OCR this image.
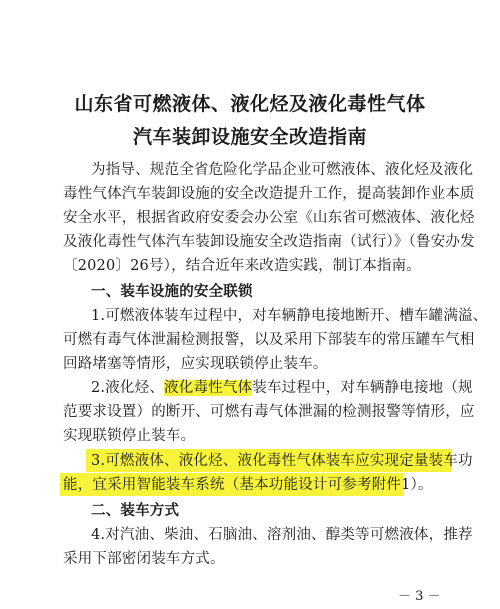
山东省可燃液体、液化烃及液化毒性气体
汽车装卸设施安全改造指南
为指导、规范全省危险化学品企业可燃液体、液化烃及液化
毒性气体汽车装卸设施的安全改造提升工作，提高装卸作业本质
安全水平，根据省政府安委会办公室《山东省可燃液体、液化烃
及液化毒性气体汽车装卸设施安全改造指南（试行）》（鲁安办发
〔2020〕26号），结合近年来改造实践，制订本指南。
一、装车设施的安全联锁
1.可燃液体装车过程中，对车辆静电接地断开、槽车罐满溢、
可燃有毒气体泄漏检测报警，以及采用下部装车的常压罐车气相
回路堵塞等情形，应实现联锁停止装车。
2.液化烃、液化毒性气体装车过程中，对车辆静电接地（规
范要求设置）的断开、可燃有毒气体泄漏的检测报警等情形，应
实现联锁停止装车。
3.可燃液体、液化烃、液化毒性气体装车应实现定量装车功
能，宜采用智能装车系统（基本功能设计可参考附件1）。
二、装车方式
4.对汽油、柴油、石脑油、溶剂油、醇类等可燃液体，推荐
采用下部密闭装车方式。
－ 3 －
